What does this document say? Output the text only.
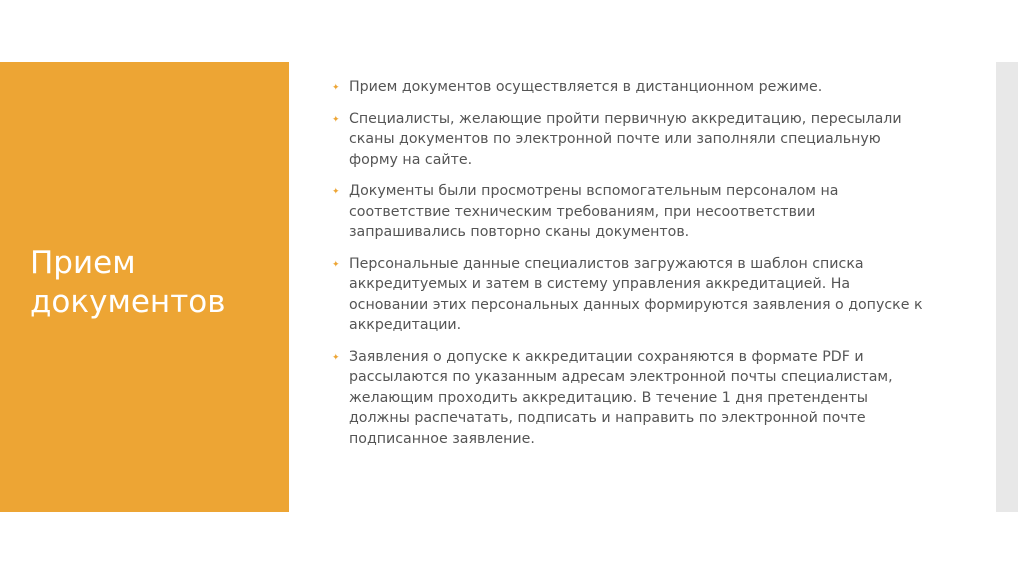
Прием
документов
✦ Прием документов осуществляется в дистанционном режиме.
✦ Специалисты, желающие пройти первичную аккредитацию, пересылали сканы документов по электронной почте или заполняли специальную форму на сайте.
✦ Документы были просмотрены вспомогательным персоналом на соответствие техническим требованиям, при несоответствии запрашивались повторно сканы документов.
✦ Персональные данные специалистов загружаются в шаблон списка аккредитуемых и затем в систему управления аккредитацией. На основании этих персональных данных формируются заявления о допуске к аккредитации.
✦ Заявления о допуске к аккредитации сохраняются в формате PDF и рассылаются по указанным адресам электронной почты специалистам, желающим проходить аккредитацию. В течение 1 дня претенденты должны распечатать, подписать и направить по электронной почте подписанное заявление.
